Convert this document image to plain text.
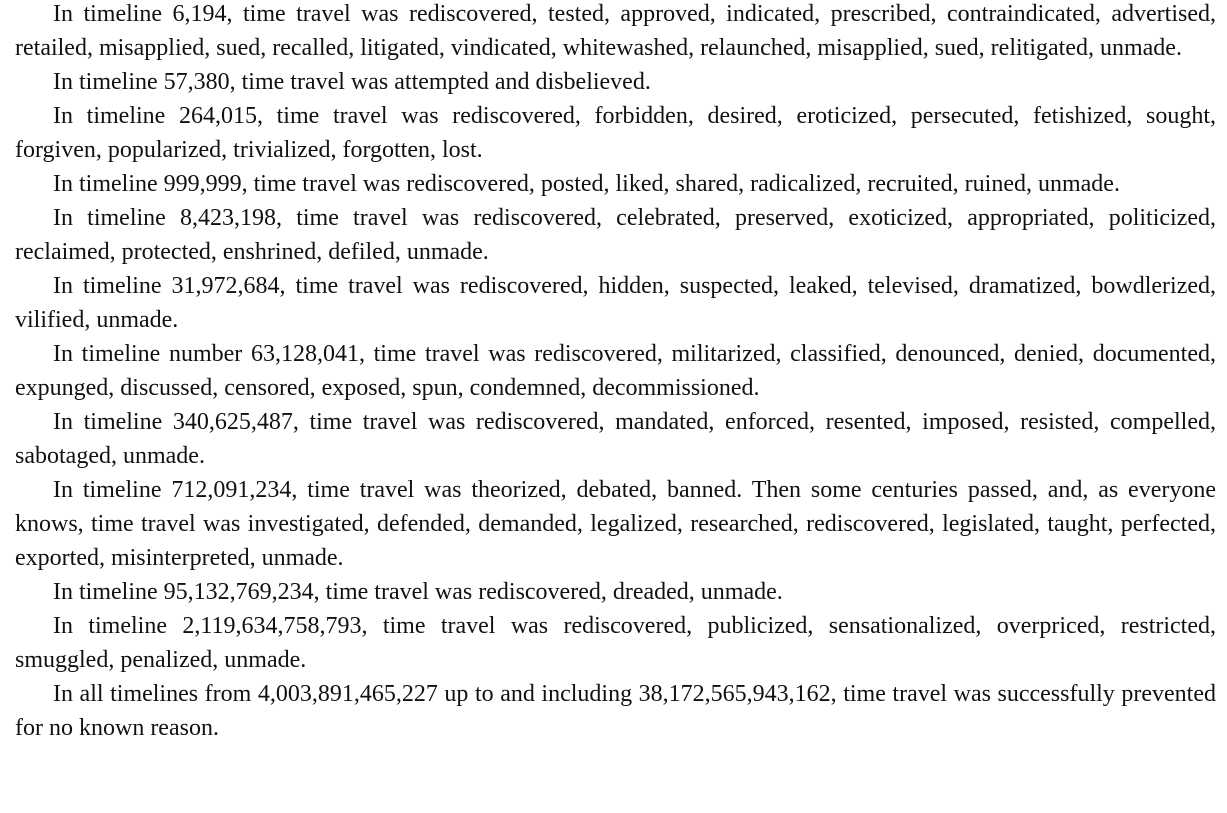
In timeline 6,194, time travel was rediscovered, tested, approved, indicated, prescribed, contraindicated, advertised, retailed, misapplied, sued, recalled, litigated, vindicated, whitewashed, relaunched, misapplied, sued, relitigated, unmade.

In timeline 57,380, time travel was attempted and disbelieved.

In timeline 264,015, time travel was rediscovered, forbidden, desired, eroticized, persecuted, fetishized, sought, forgiven, popularized, trivialized, forgotten, lost.

In timeline 999,999, time travel was rediscovered, posted, liked, shared, radicalized, recruited, ruined, unmade.

In timeline 8,423,198, time travel was rediscovered, celebrated, preserved, exoticized, appropriated, politicized, reclaimed, protected, enshrined, defiled, unmade.

In timeline 31,972,684, time travel was rediscovered, hidden, suspected, leaked, televised, dramatized, bowdlerized, vilified, unmade.

In timeline number 63,128,041, time travel was rediscovered, militarized, classified, denounced, denied, documented, expunged, discussed, censored, exposed, spun, condemned, decommissioned.

In timeline 340,625,487, time travel was rediscovered, mandated, enforced, resented, imposed, resisted, compelled, sabotaged, unmade.

In timeline 712,091,234, time travel was theorized, debated, banned. Then some centuries passed, and, as everyone knows, time travel was investigated, defended, demanded, legalized, researched, rediscovered, legislated, taught, perfected, exported, misinterpreted, unmade.

In timeline 95,132,769,234, time travel was rediscovered, dreaded, unmade.

In timeline 2,119,634,758,793, time travel was rediscovered, publicized, sensationalized, overpriced, restricted, smuggled, penalized, unmade.

In all timelines from 4,003,891,465,227 up to and including 38,172,565,943,162, time travel was successfully prevented for no known reason.
